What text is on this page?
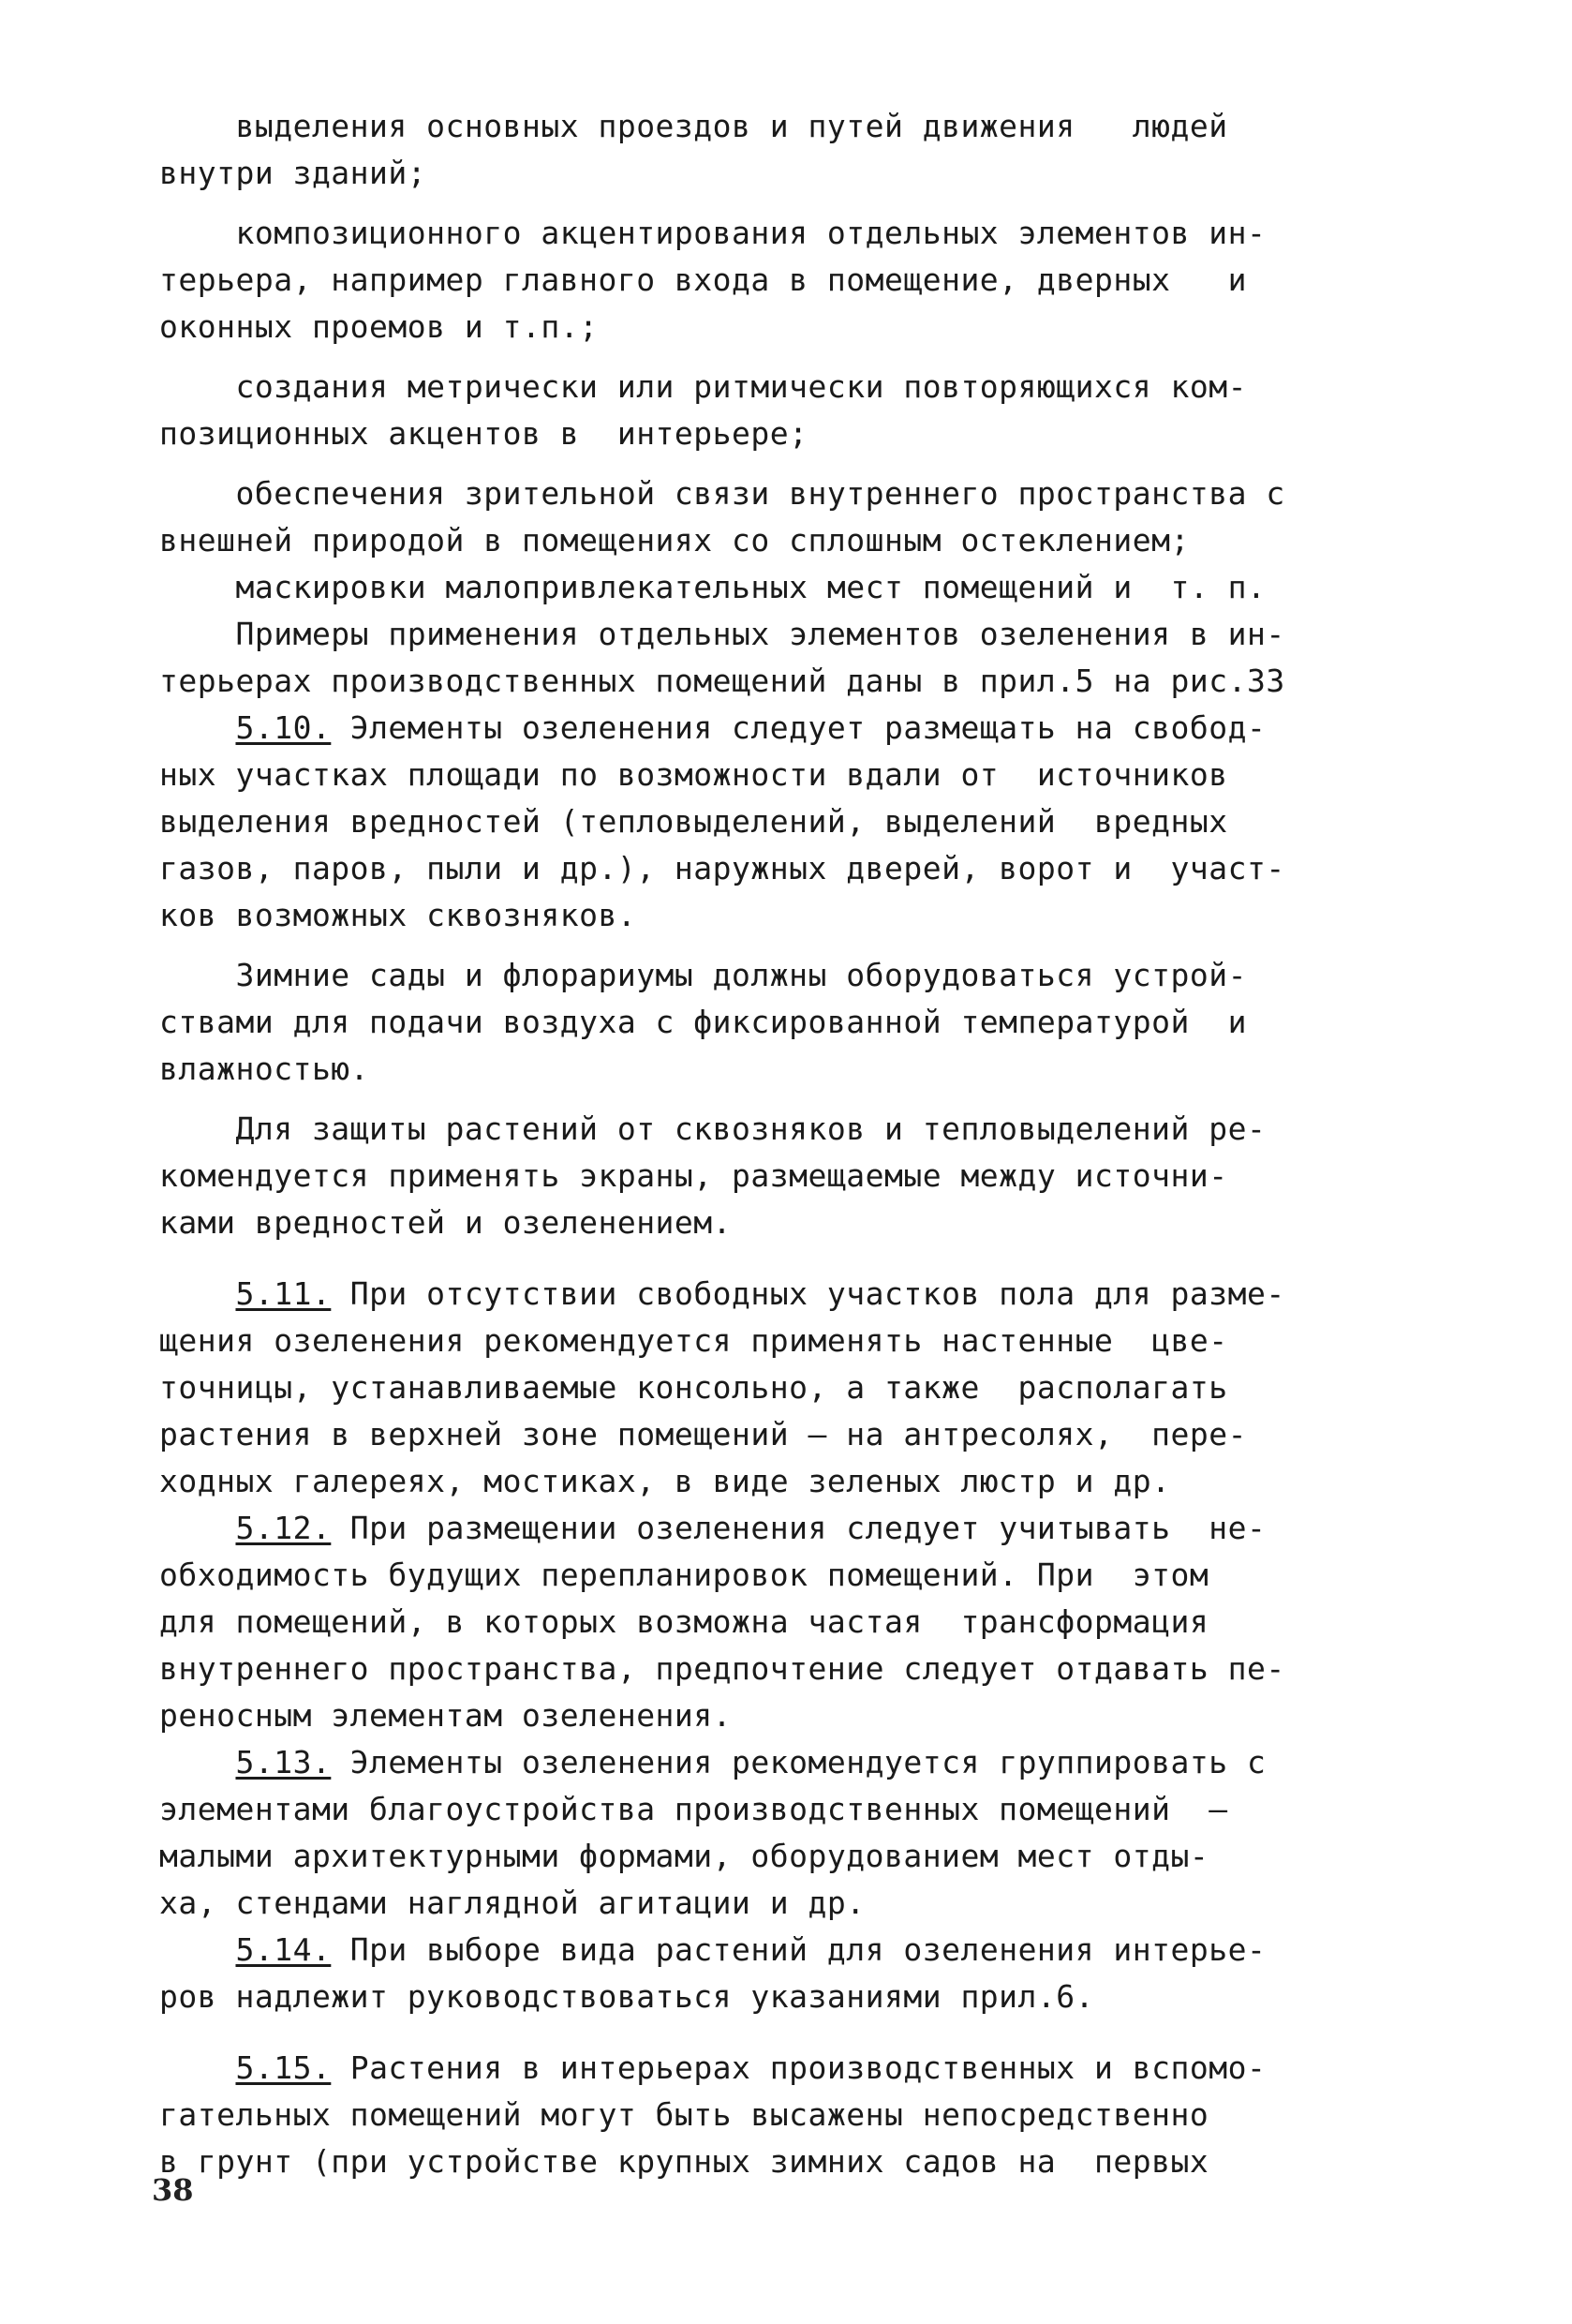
выделения основных проездов и путей движения   людей
внутри зданий;
композиционного акцентирования отдельных элементов ин-
терьера, например главного входа в помещение, дверных   и
оконных проемов и т.п.;
создания метрически или ритмически повторяющихся ком-
позиционных акцентов в  интерьере;
обеспечения зрительной связи внутреннего пространства с
внешней природой в помещениях со сплошным остеклением;
маскировки малопривлекательных мест помещений и  т. п.
Примеры применения отдельных элементов озеленения в ин-
терьерах производственных помещений даны в прил.5 на рис.33
5.10. Элементы озеленения следует размещать на свобод-
ных участках площади по возможности вдали от  источников
выделения вредностей (тепловыделений, выделений  вредных
газов, паров, пыли и др.), наружных дверей, ворот и  участ-
ков возможных сквозняков.
Зимние сады и флорариумы должны оборудоваться устрой-
ствами для подачи воздуха с фиксированной температурой  и
влажностью.
Для защиты растений от сквозняков и тепловыделений ре-
комендуется применять экраны, размещаемые между источни-
ками вредностей и озеленением.
5.11. При отсутствии свободных участков пола для разме-
щения озеленения рекомендуется применять настенные  цве-
точницы, устанавливаемые консольно, а также  располагать
растения в верхней зоне помещений – на антресолях,  пере-
ходных галереях, мостиках, в виде зеленых люстр и др.
5.12. При размещении озеленения следует учитывать  не-
обходимость будущих перепланировок помещений. При  этом
для помещений, в которых возможна частая  трансформация
внутреннего пространства, предпочтение следует отдавать пе-
реносным элементам озеленения.
5.13. Элементы озеленения рекомендуется группировать с
элементами благоустройства производственных помещений  –
малыми архитектурными формами, оборудованием мест отды-
ха, стендами наглядной агитации и др.
5.14. При выборе вида растений для озеленения интерье-
ров надлежит руководствоваться указаниями прил.6.
5.15. Растения в интерьерах производственных и вспомо-
гательных помещений могут быть высажены непосредственно
в грунт (при устройстве крупных зимних садов на  первых
38
